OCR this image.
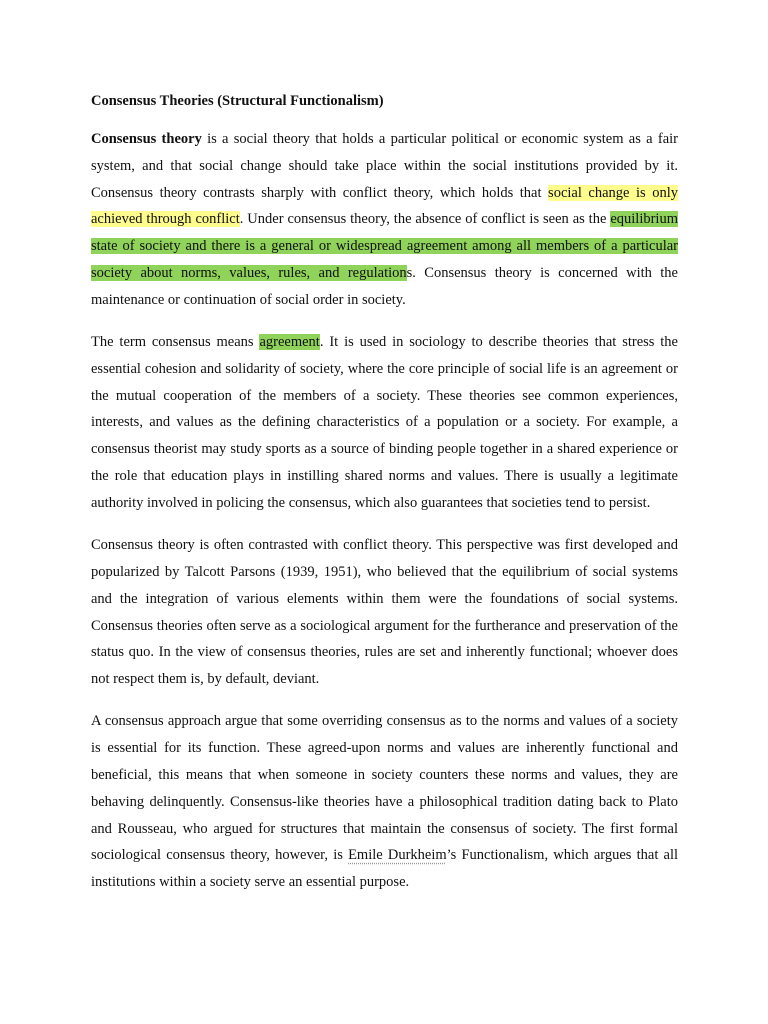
Consensus Theories (Structural Functionalism)

Consensus theory is a social theory that holds a particular political or economic system as a fair system, and that social change should take place within the social institutions provided by it. Consensus theory contrasts sharply with conflict theory, which holds that social change is only achieved through conflict. Under consensus theory, the absence of conflict is seen as the equilibrium state of society and there is a general or widespread agreement among all members of a particular society about norms, values, rules, and regulations. Consensus theory is concerned with the maintenance or continuation of social order in society.

The term consensus means agreement. It is used in sociology to describe theories that stress the essential cohesion and solidarity of society, where the core principle of social life is an agreement or the mutual cooperation of the members of a society. These theories see common experiences, interests, and values as the defining characteristics of a population or a society. For example, a consensus theorist may study sports as a source of binding people together in a shared experience or the role that education plays in instilling shared norms and values. There is usually a legitimate authority involved in policing the consensus, which also guarantees that societies tend to persist.

Consensus theory is often contrasted with conflict theory. This perspective was first developed and popularized by Talcott Parsons (1939, 1951), who believed that the equilibrium of social systems and the integration of various elements within them were the foundations of social systems. Consensus theories often serve as a sociological argument for the furtherance and preservation of the status quo. In the view of consensus theories, rules are set and inherently functional; whoever does not respect them is, by default, deviant.

A consensus approach argue that some overriding consensus as to the norms and values of a society is essential for its function. These agreed-upon norms and values are inherently functional and beneficial, this means that when someone in society counters these norms and values, they are behaving delinquently. Consensus-like theories have a philosophical tradition dating back to Plato and Rousseau, who argued for structures that maintain the consensus of society. The first formal sociological consensus theory, however, is Emile Durkheim’s Functionalism, which argues that all institutions within a society serve an essential purpose.
